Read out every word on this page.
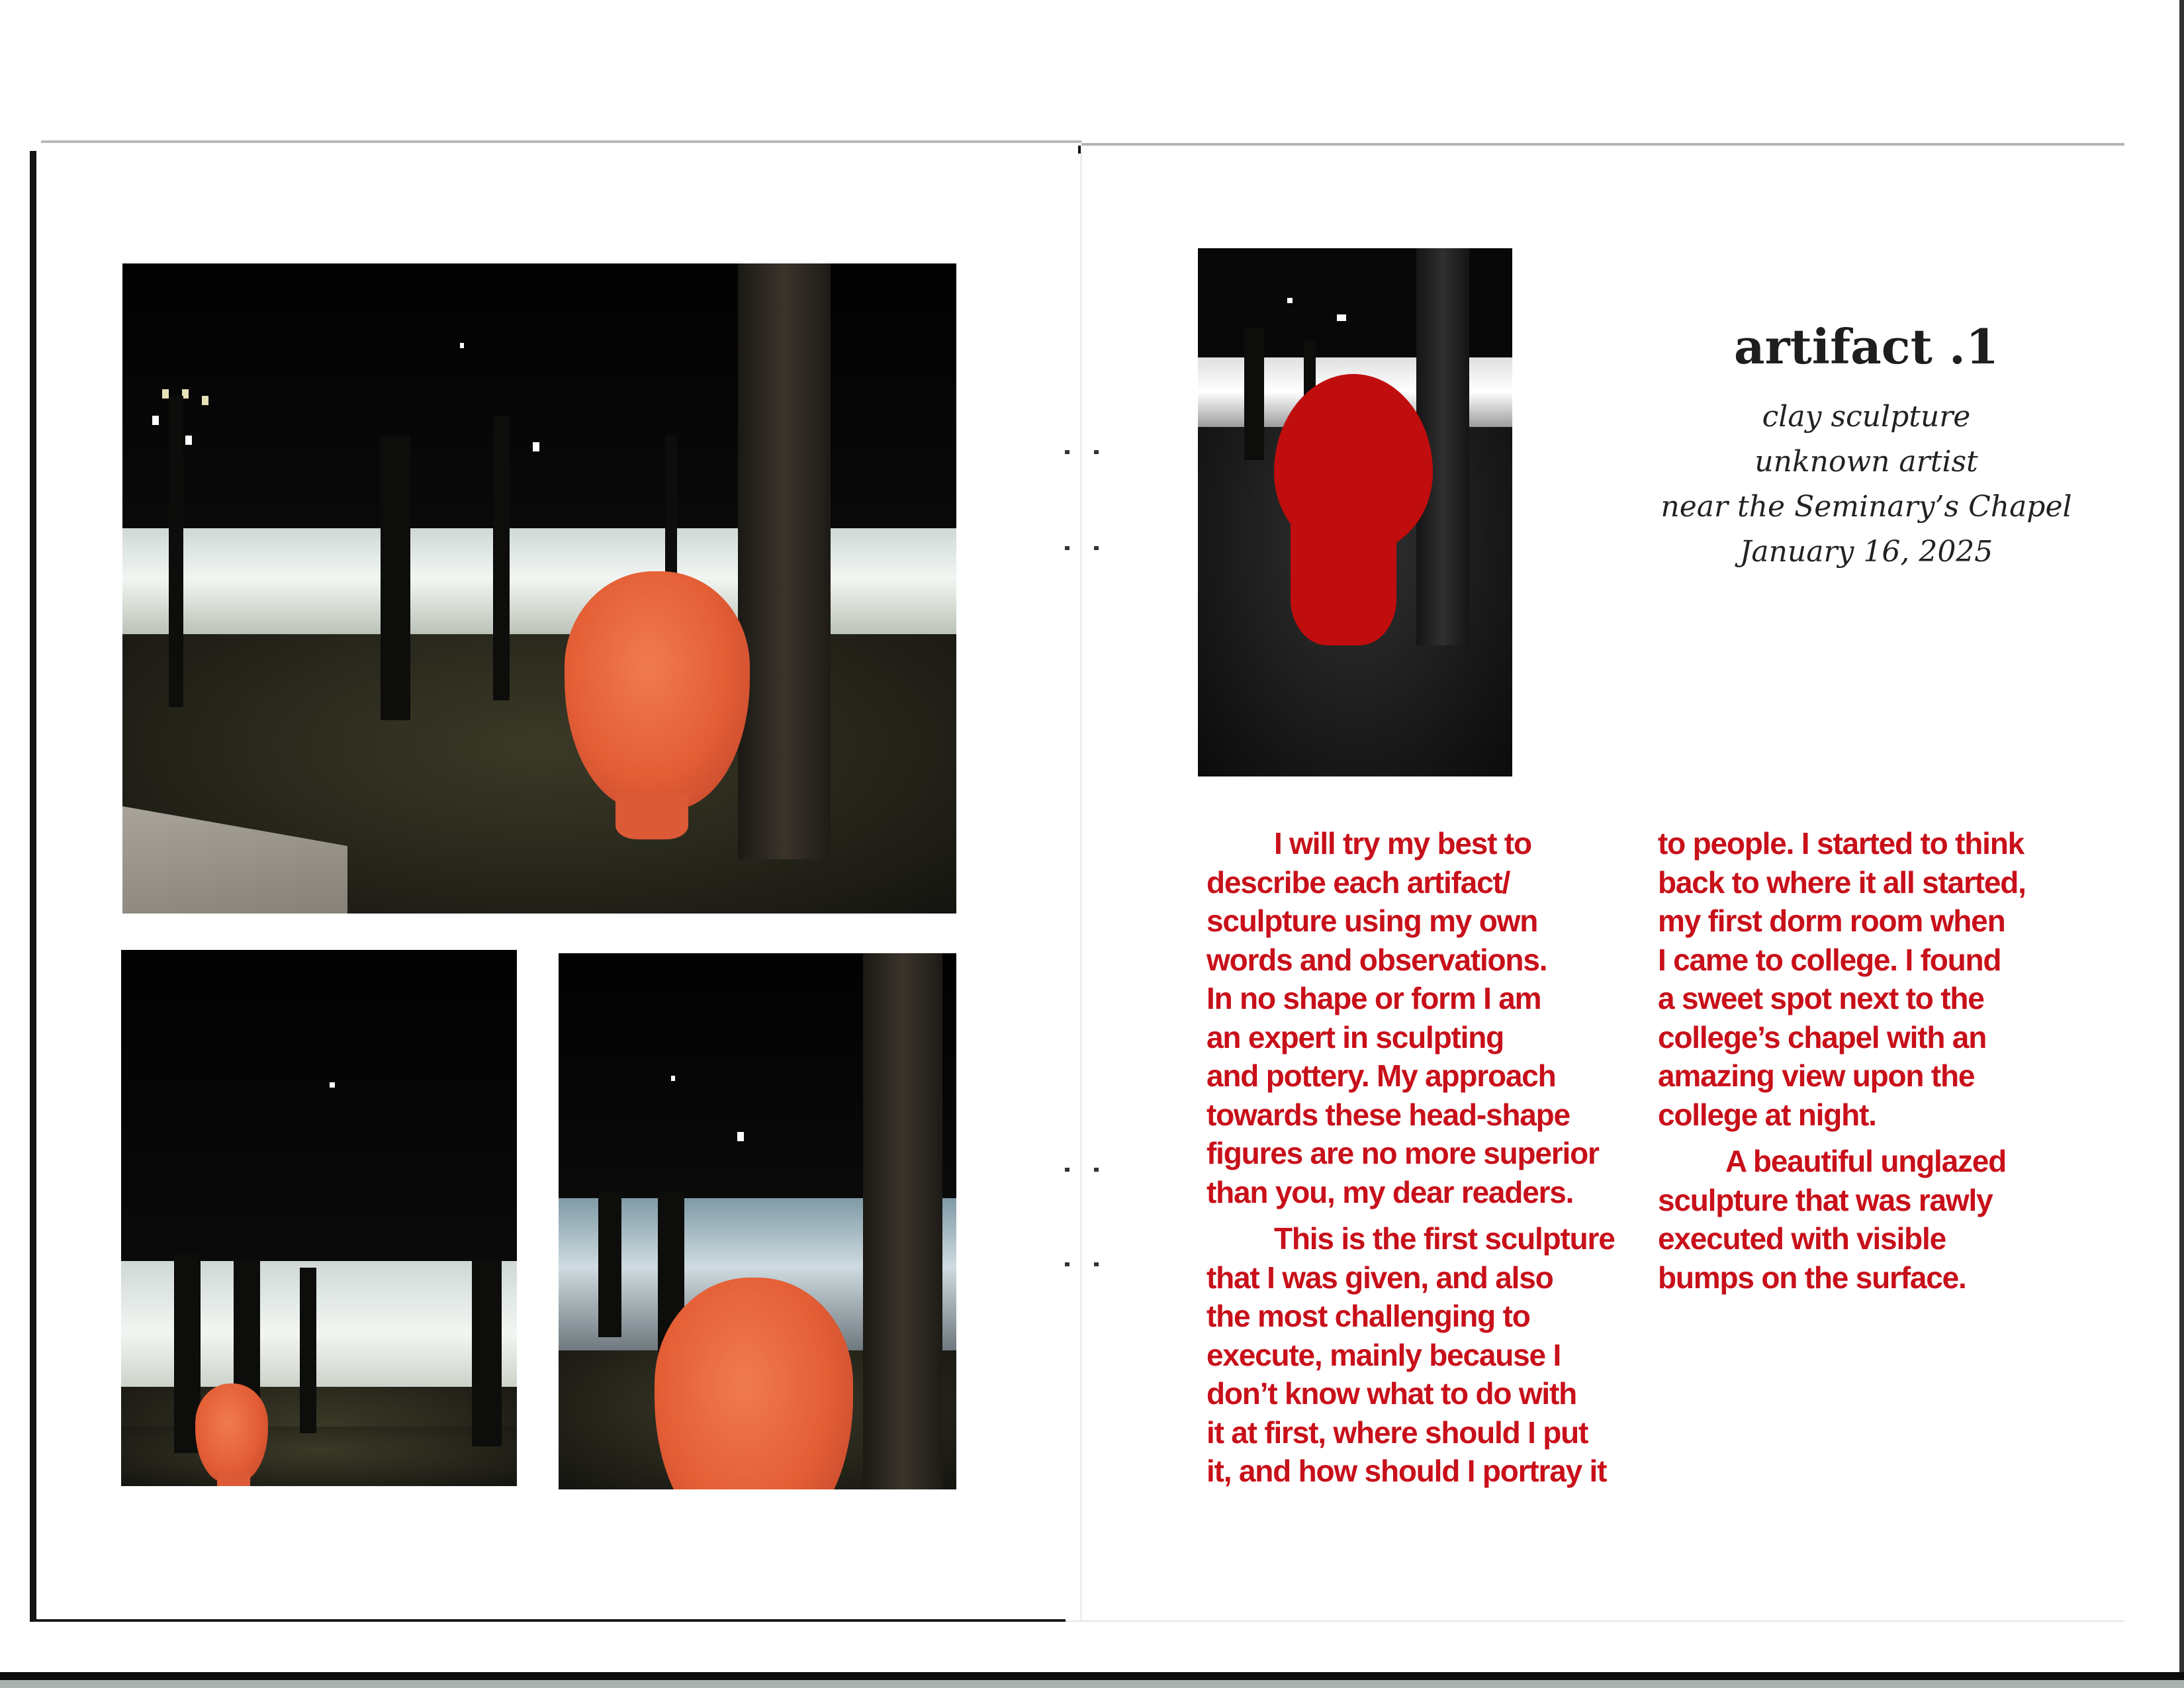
artifact .1
clay sculpture
unknown artist
near the Seminary’s Chapel
January 16, 2025
I will try my best to
describe each artifact/
sculpture using my own
words and observations.
In no shape or form I am
an expert in sculpting
and pottery. My approach
towards these head-shape
figures are no more superior
than you, my dear readers.
This is the first sculpture
that I was given, and also
the most challenging to
execute, mainly because I
don’t know what to do with
it at first, where should I put
it, and how should I portray it
to people. I started to think
back to where it all started,
my first dorm room when
I came to college. I found
a sweet spot next to the
college’s chapel with an
amazing view upon the
college at night.
A beautiful unglazed
sculpture that was rawly
executed with visible
bumps on the surface.
